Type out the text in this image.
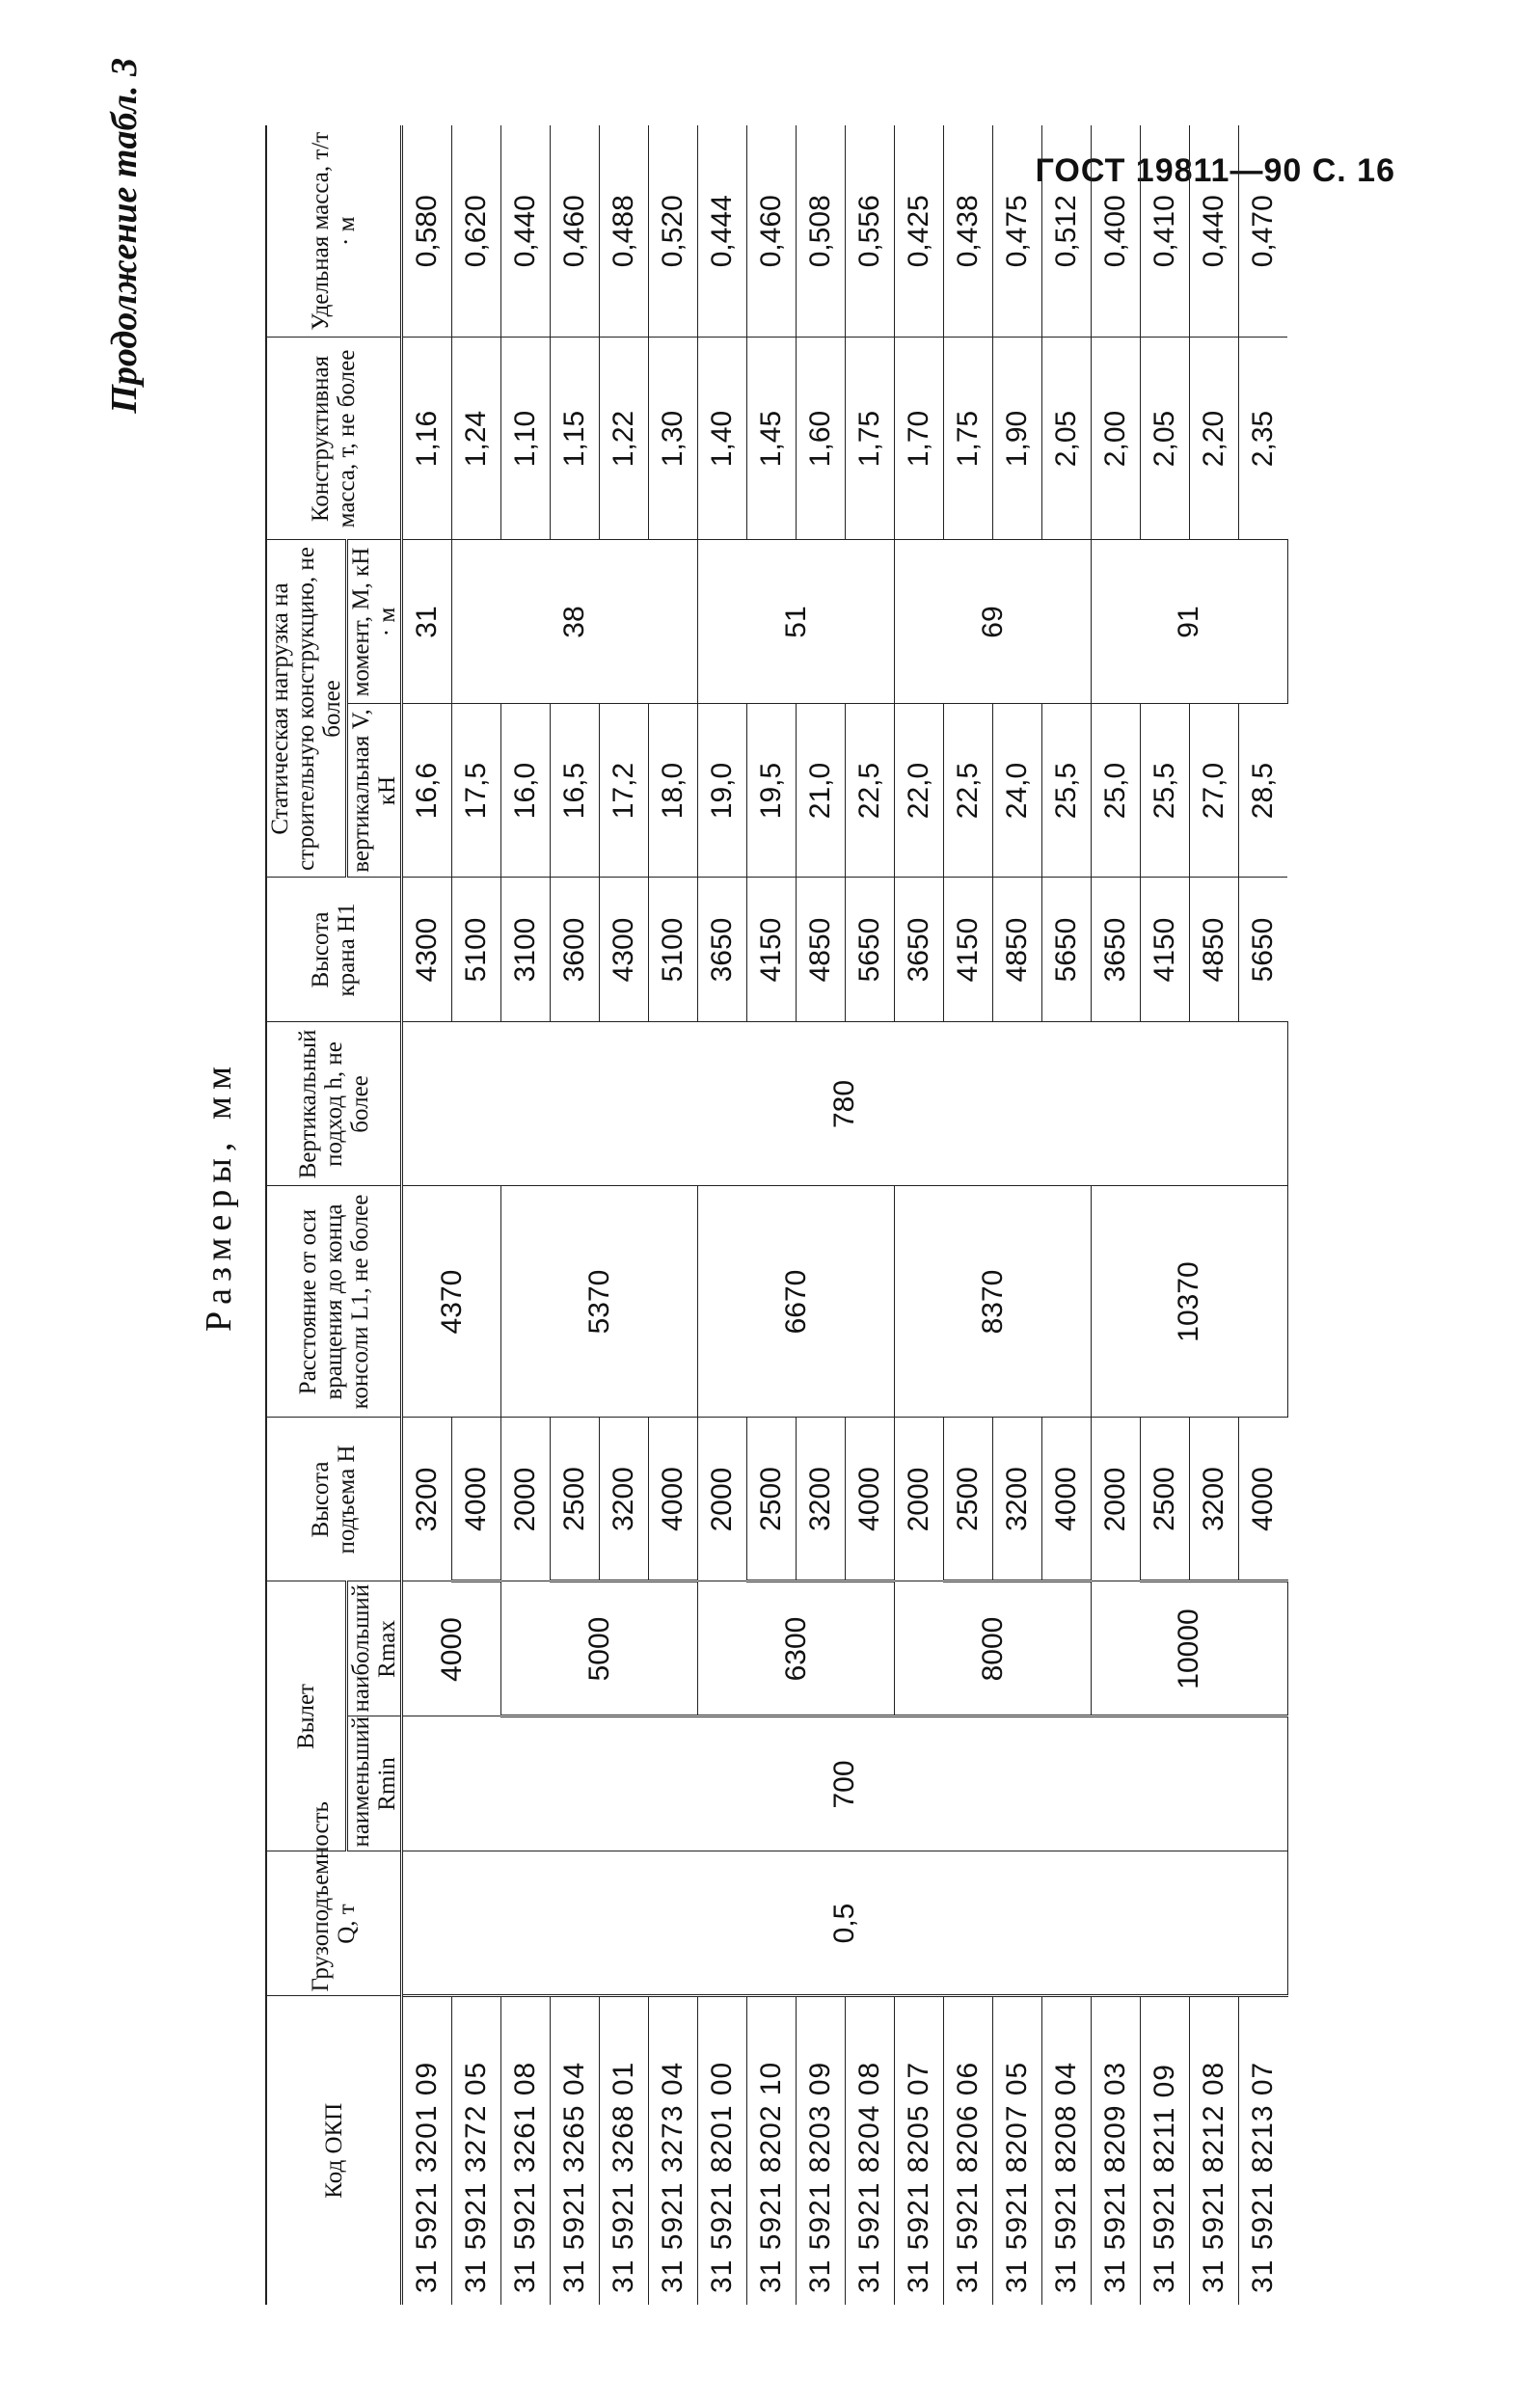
ГОСТ 19811—90 С. 16
Продолжение табл. 3
Размеры, мм
Код ОКП	Грузоподъемность Q, т	Вылет		Высота подъема H	Расстояние от оси вращения до конца консоли L1, не более	Вертикальный подход h, не более	Высота крана H1	Статическая нагрузка на строительную конструкцию, не более		Конструктивная масса, т, не более	Удельная масса, т/т · м
		наименьший Rmin	наибольший Rmax					вертикальная V, кН	момент, M, кН · м		
31 5921 3201 09	0,5	700	4000	3200	4370	780	4300	16,6	31	1,16	0,580
31 5921 3272 05				4000			5100	17,5	38	1,24	0,620
31 5921 3261 08			5000	2000	5370		3100	16,0		1,10	0,440
31 5921 3265 04				2500			3600	16,5		1,15	0,460
31 5921 3268 01				3200			4300	17,2		1,22	0,488
31 5921 3273 04				4000			5100	18,0		1,30	0,520
31 5921 8201 00			6300	2000	6670		3650	19,0	51	1,40	0,444
31 5921 8202 10				2500			4150	19,5		1,45	0,460
31 5921 8203 09				3200			4850	21,0		1,60	0,508
31 5921 8204 08				4000			5650	22,5		1,75	0,556
31 5921 8205 07			8000	2000	8370		3650	22,0	69	1,70	0,425
31 5921 8206 06				2500			4150	22,5		1,75	0,438
31 5921 8207 05				3200			4850	24,0		1,90	0,475
31 5921 8208 04				4000			5650	25,5		2,05	0,512
31 5921 8209 03			10000	2000	10370		3650	25,0	91	2,00	0,400
31 5921 8211 09				2500			4150	25,5		2,05	0,410
31 5921 8212 08				3200			4850	27,0		2,20	0,440
31 5921 8213 07				4000			5650	28,5		2,35	0,470
